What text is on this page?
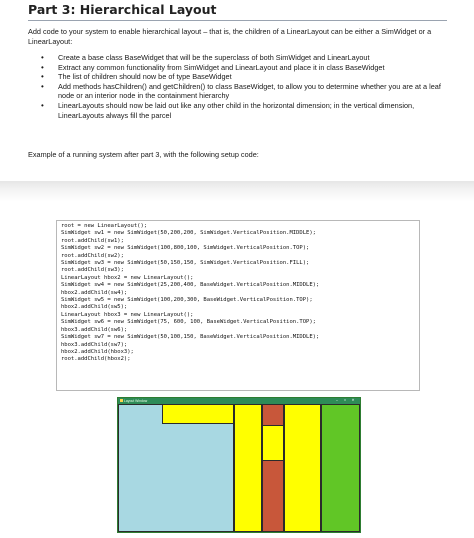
Part 3: Hierarchical Layout

Add code to your system to enable hierarchical layout – that is, the children of a LinearLayout can be either a SimWidget or a LinearLayout:

• Create a base class BaseWidget that will be the superclass of both SimWidget and LinearLayout
• Extract any common functionality from SimWidget and LinearLayout and place it in class BaseWidget
• The list of children should now be of type BaseWidget
• Add methods hasChildren() and getChildren() to class BaseWidget, to allow you to determine whether you are at a leaf node or an interior node in the containment hierarchy
• LinearLayouts should now be laid out like any other child in the horizontal dimension; in the vertical dimension, LinearLayouts always fill the parcel

Example of a running system after part 3, with the following setup code:

root = new LinearLayout();
SimWidget sw1 = new SimWidget(50,200,200, SimWidget.VerticalPosition.MIDDLE);
root.addChild(sw1);
SimWidget sw2 = new SimWidget(100,800,100, SimWidget.VerticalPosition.TOP);
root.addChild(sw2);
SimWidget sw3 = new SimWidget(50,150,150, SimWidget.VerticalPosition.FILL);
root.addChild(sw3);
LinearLayout hbox2 = new LinearLayout();
SimWidget sw4 = new SimWidget(25,200,400, BaseWidget.VerticalPosition.MIDDLE);
hbox2.addChild(sw4);
SimWidget sw5 = new SimWidget(100,200,300, BaseWidget.VerticalPosition.TOP);
hbox2.addChild(sw5);
LinearLayout hbox3 = new LinearLayout();
SimWidget sw6 = new SimWidget(75, 600, 100, BaseWidget.VerticalPosition.TOP);
hbox3.addChild(sw6);
SimWidget sw7 = new SimWidget(50,100,150, BaseWidget.VerticalPosition.MIDDLE);
hbox3.addChild(sw7);
hbox2.addChild(hbox3);
root.addChild(hbox2);
Layout Window	–	□ ✕
